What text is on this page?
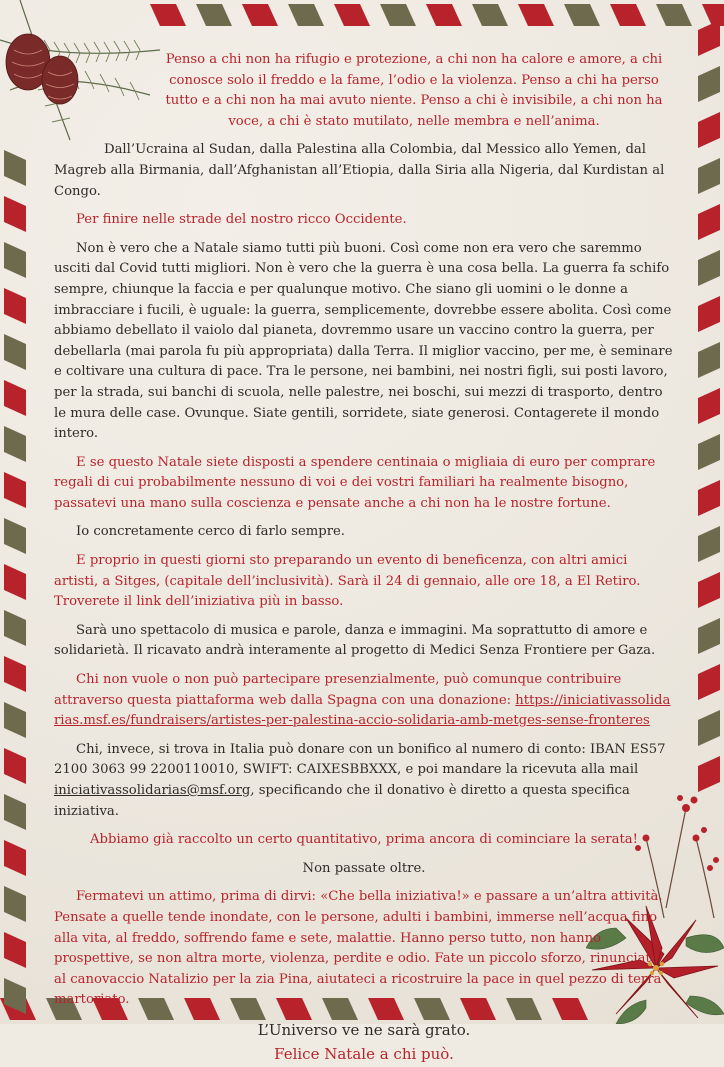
Penso a chi non ha rifugio e protezione, a chi non ha calore e amore, a chi conosce solo il freddo e la fame, l’odio e la violenza. Penso a chi ha perso tutto e a chi non ha mai avuto niente. Penso a chi è invisibile, a chi non ha voce, a chi è stato mutilato, nelle membra e nell’anima.

Dall’Ucraina al Sudan, dalla Palestina alla Colombia, dal Messico allo Yemen, dal Magreb alla Birmania, dall’Afghanistan all’Etiopia, dalla Siria alla Nigeria, dal Kurdistan al Congo.

Per finire nelle strade del nostro ricco Occidente.

Non è vero che a Natale siamo tutti più buoni. Così come non era vero che saremmo usciti dal Covid tutti migliori. Non è vero che la guerra è una cosa bella. La guerra fa schifo sempre, chiunque la faccia e per qualunque motivo. Che siano gli uomini o le donne a imbracciare i fucili, è uguale: la guerra, semplicemente, dovrebbe essere abolita. Così come abbiamo debellato il vaiolo dal pianeta, dovremmo usare un vaccino contro la guerra, per debellarla (mai parola fu più appropriata) dalla Terra. Il miglior vaccino, per me, è seminare e coltivare una cultura di pace. Tra le persone, nei bambini, nei nostri figli, sui posti lavoro, per la strada, sui banchi di scuola, nelle palestre, nei boschi, sui mezzi di trasporto, dentro le mura delle case. Ovunque. Siate gentili, sorridete, siate generosi. Contagerete il mondo intero.

E se questo Natale siete disposti a spendere centinaia o migliaia di euro per comprare regali di cui probabilmente nessuno di voi e dei vostri familiari ha realmente bisogno, passatevi una mano sulla coscienza e pensate anche a chi non ha le nostre fortune.

Io concretamente cerco di farlo sempre.

E proprio in questi giorni sto preparando un evento di beneficenza, con altri amici artisti, a Sitges, (capitale dell’inclusività). Sarà il 24 di gennaio, alle ore 18, a El Retiro. Troverete il link dell’iniziativa più in basso.

Sarà uno spettacolo di musica e parole, danza e immagini. Ma soprattutto di amore e solidarietà. Il ricavato andrà interamente al progetto di Medici Senza Frontiere per Gaza.

Chi non vuole o non può partecipare presenzialmente, può comunque contribuire attraverso questa piattaforma web dalla Spagna con una donazione: https://iniciativassolidarias.msf.es/fundraisers/artistes-per-palestina-accio-solidaria-amb-metges-sense-fronteres

Chi, invece, si trova in Italia può donare con un bonifico al numero di conto: IBAN ES57 2100 3063 99 2200110010, SWIFT: CAIXESBBXXX, e poi mandare la ricevuta alla mail iniciativassolidarias@msf.org, specificando che il donativo è diretto a questa specifica iniziativa.

Abbiamo già raccolto un certo quantitativo, prima ancora di cominciare la serata!

Non passate oltre.

Fermatevi un attimo, prima di dirvi: «Che bella iniziativa!» e passare a un’altra attività. Pensate a quelle tende inondate, con le persone, adulti i bambini, immerse nell’acqua fino alla vita, al freddo, soffrendo fame e sete, malattie. Hanno perso tutto, non hanno prospettive, se non altra morte, violenza, perdite e odio. Fate un piccolo sforzo, rinunciate al canovaccio Natalizio per la zia Pina, aiutateci a ricostruire la pace in quel pezzo di terra martoriato.

L’Universo ve ne sarà grato.

Felice Natale a chi può.
